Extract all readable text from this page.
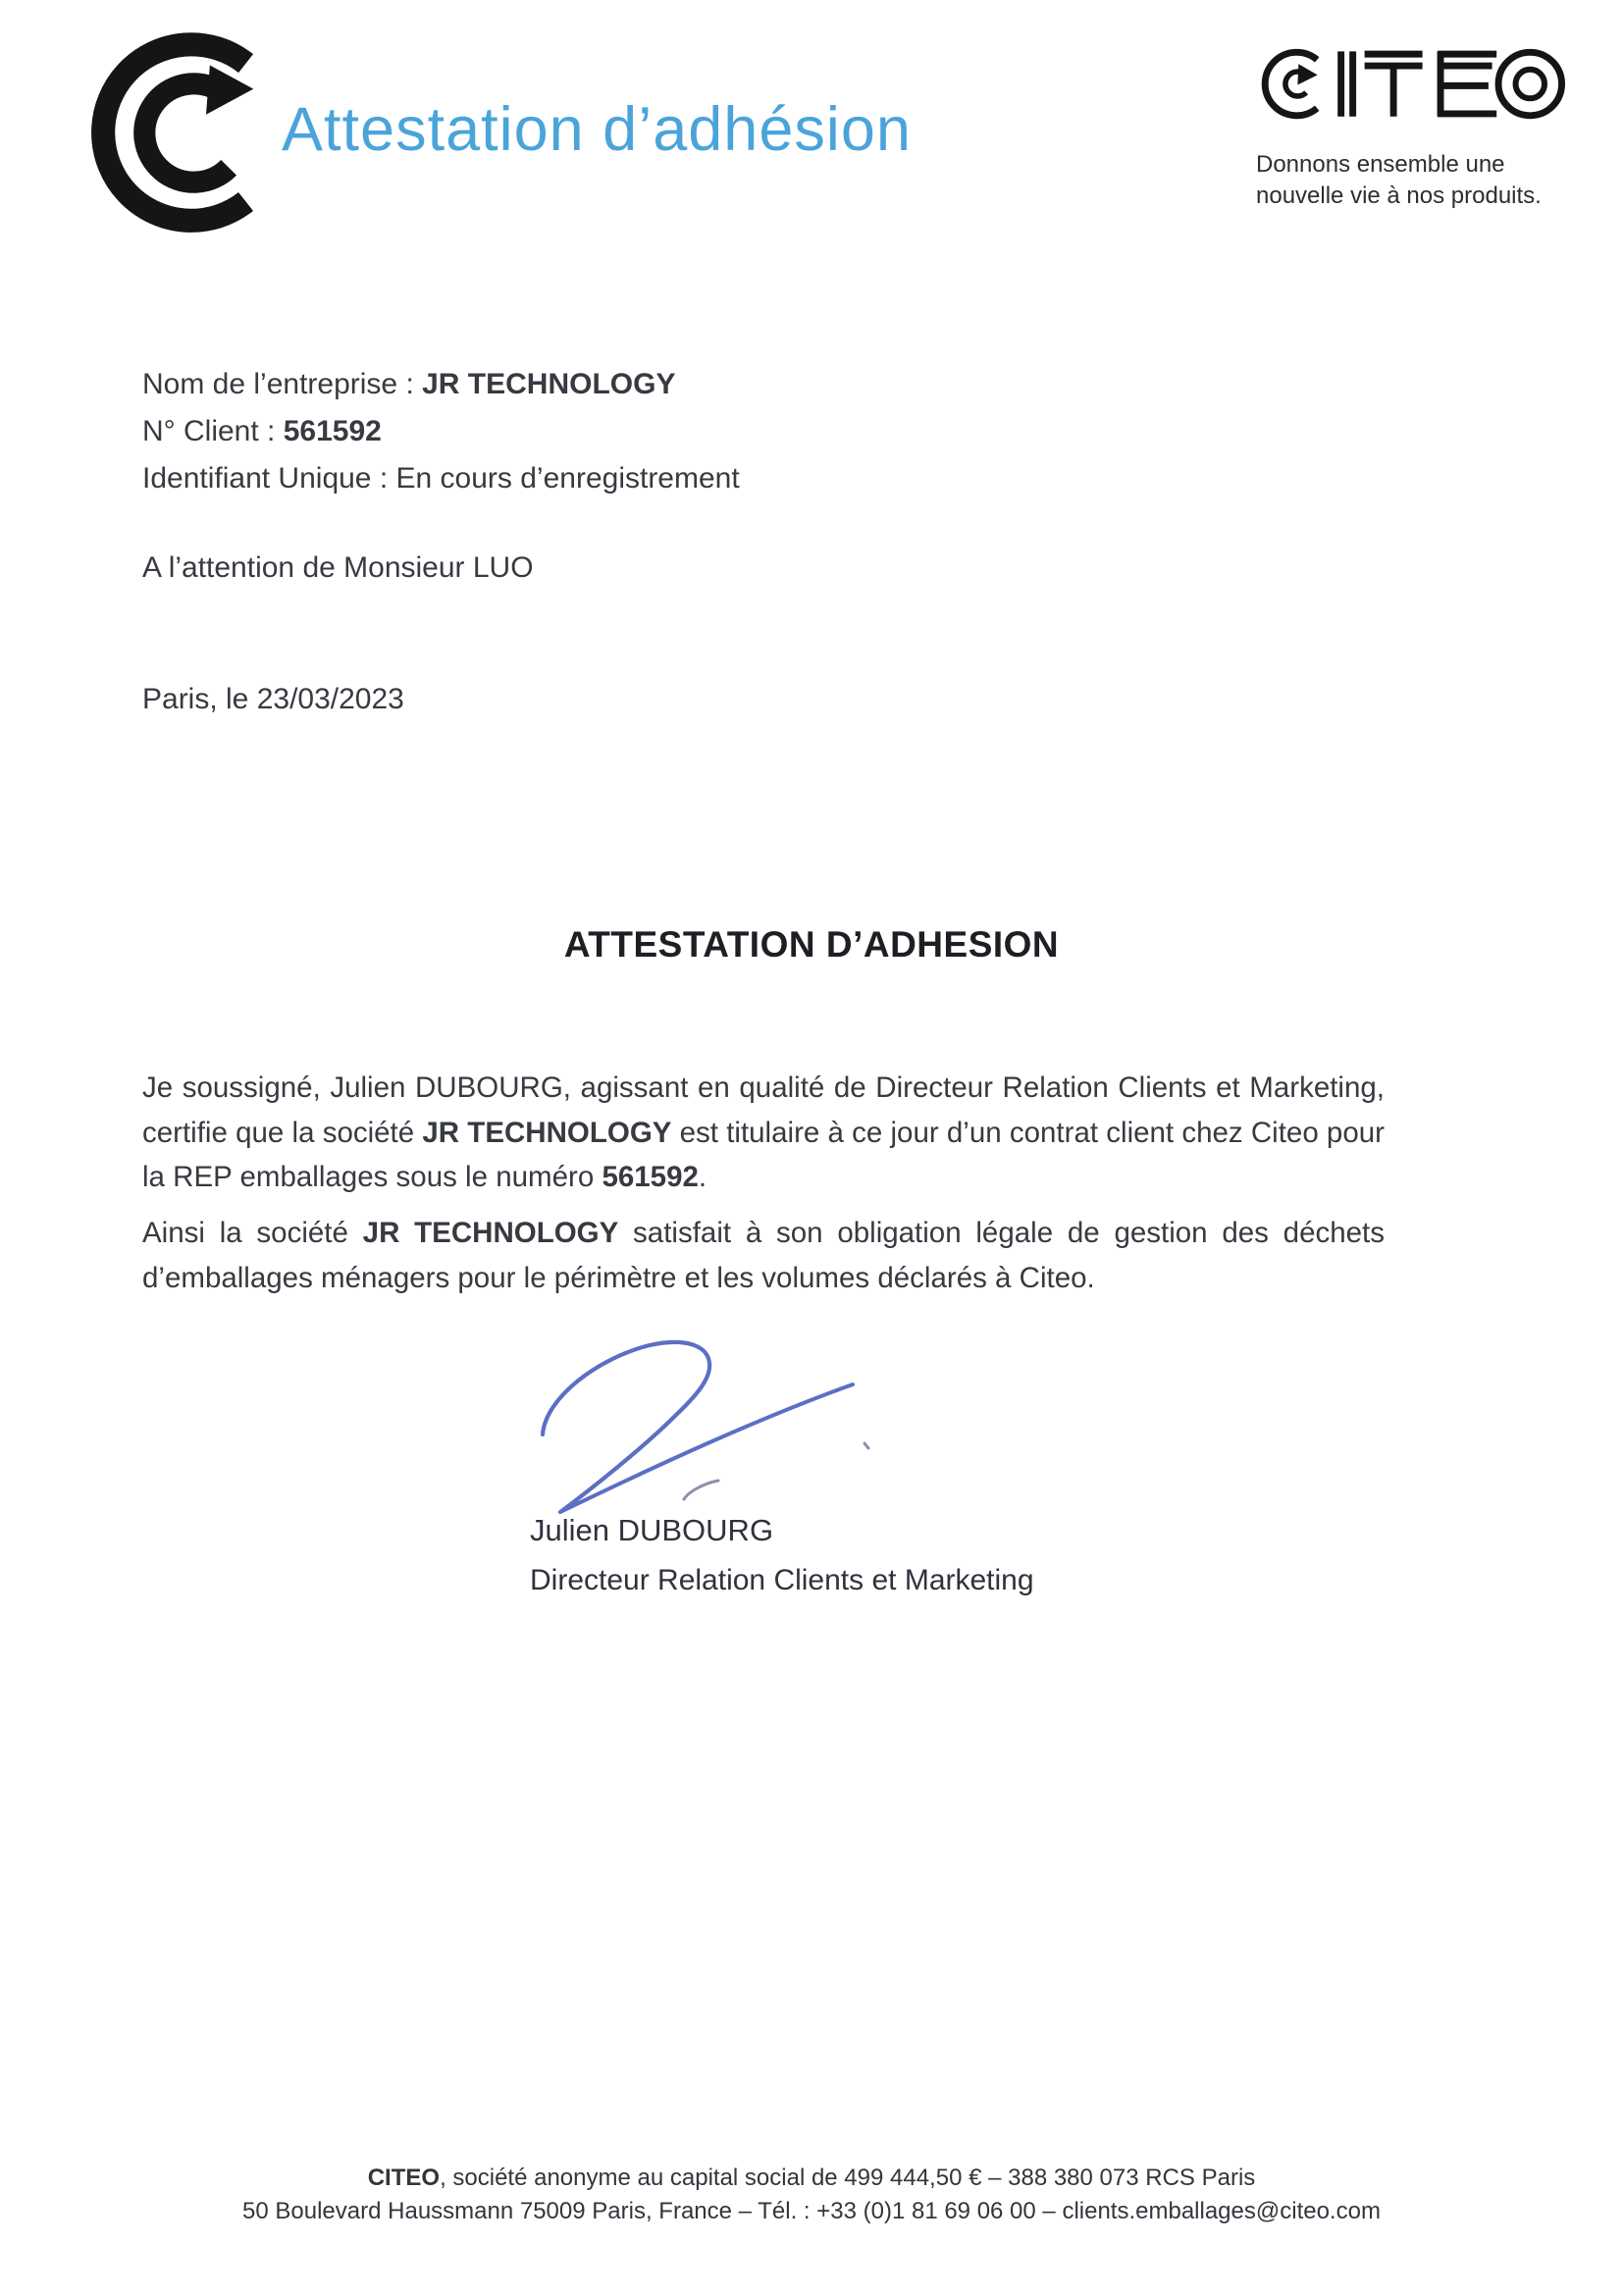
Attestation d’adhésion
Donnons ensemble une
nouvelle vie à nos produits.
Nom de l’entreprise : JR TECHNOLOGY
N° Client : 561592
Identifiant Unique : En cours d’enregistrement
A l’attention de Monsieur LUO
Paris, le 23/03/2023
ATTESTATION D’ADHESION
Je soussigné, Julien DUBOURG, agissant en qualité de Directeur Relation Clients et Marketing, certifie que la société JR TECHNOLOGY est titulaire à ce jour d’un contrat client chez Citeo pour la REP emballages sous le numéro 561592.
Ainsi la société JR TECHNOLOGY satisfait à son obligation légale de gestion des déchets d’emballages ménagers pour le périmètre et les volumes déclarés à Citeo.
Julien DUBOURG
Directeur Relation Clients et Marketing
CITEO, société anonyme au capital social de 499 444,50 € – 388 380 073 RCS Paris
50 Boulevard Haussmann 75009 Paris, France – Tél. : +33 (0)1 81 69 06 00 – clients.emballages@citeo.com
